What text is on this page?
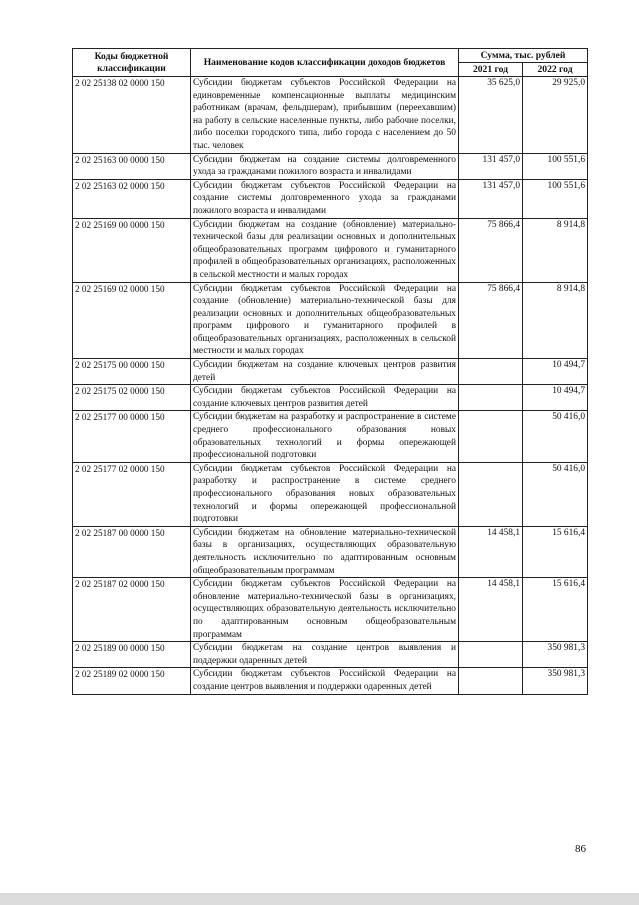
Коды бюджетной классификации	Наименование кодов классификации доходов бюджетов	Сумма, тыс. рублей	
		2021 год	2022 год
2 02 25138 02 0000 150	Субсидии бюджетам субъектов Российской Федерации на единовременные компенсационные выплаты медицинским работникам (врачам, фельдшерам), прибывшим (переехавшим) на работу в сельские населенные пункты, либо рабочие поселки, либо поселки городского типа, либо города с населением до 50 тыс. человек	35 625,0	29 925,0
2 02 25163 00 0000 150	Субсидии бюджетам на создание системы долговременного ухода за гражданами пожилого возраста и инвалидами	131 457,0	100 551,6
2 02 25163 02 0000 150	Субсидии бюджетам субъектов Российской Федерации на создание системы долговременного ухода за гражданами пожилого возраста и инвалидами	131 457,0	100 551,6
2 02 25169 00 0000 150	Субсидии бюджетам на создание (обновление) материально-технической базы для реализации основных и дополнительных общеобразовательных программ цифрового и гуманитарного профилей в общеобразовательных организациях, расположенных в сельской местности и малых городах	75 866,4	8 914,8
2 02 25169 02 0000 150	Субсидии бюджетам субъектов Российской Федерации на создание (обновление) материально-технической базы для реализации основных и дополнительных общеобразовательных программ цифрового и гуманитарного профилей в общеобразовательных организациях, расположенных в сельской местности и малых городах	75 866,4	8 914,8
2 02 25175 00 0000 150	Субсидии бюджетам на создание ключевых центров развития детей		10 494,7
2 02 25175 02 0000 150	Субсидии бюджетам субъектов Российской Федерации на создание ключевых центров развития детей		10 494,7
2 02 25177 00 0000 150	Субсидии бюджетам на разработку и распространение в системе среднего профессионального образования новых образовательных технологий и формы опережающей профессиональной подготовки		50 416,0
2 02 25177 02 0000 150	Субсидии бюджетам субъектов Российской Федерации на разработку и распространение в системе среднего профессионального образования новых образовательных технологий и формы опережающей профессиональной подготовки		50 416,0
2 02 25187 00 0000 150	Субсидии бюджетам на обновление материально-технической базы в организациях, осуществляющих образовательную деятельность исключительно по адаптированным основным общеобразовательным программам	14 458,1	15 616,4
2 02 25187 02 0000 150	Субсидии бюджетам субъектов Российской Федерации на обновление материально-технической базы в организациях, осуществляющих образовательную деятельность исключительно по адаптированным основным общеобразовательным программам	14 458,1	15 616,4
2 02 25189 00 0000 150	Субсидии бюджетам на создание центров выявления и поддержки одаренных детей		350 981,3
2 02 25189 02 0000 150	Субсидии бюджетам субъектов Российской Федерации на создание центров выявления и поддержки одаренных детей		350 981,3
86
